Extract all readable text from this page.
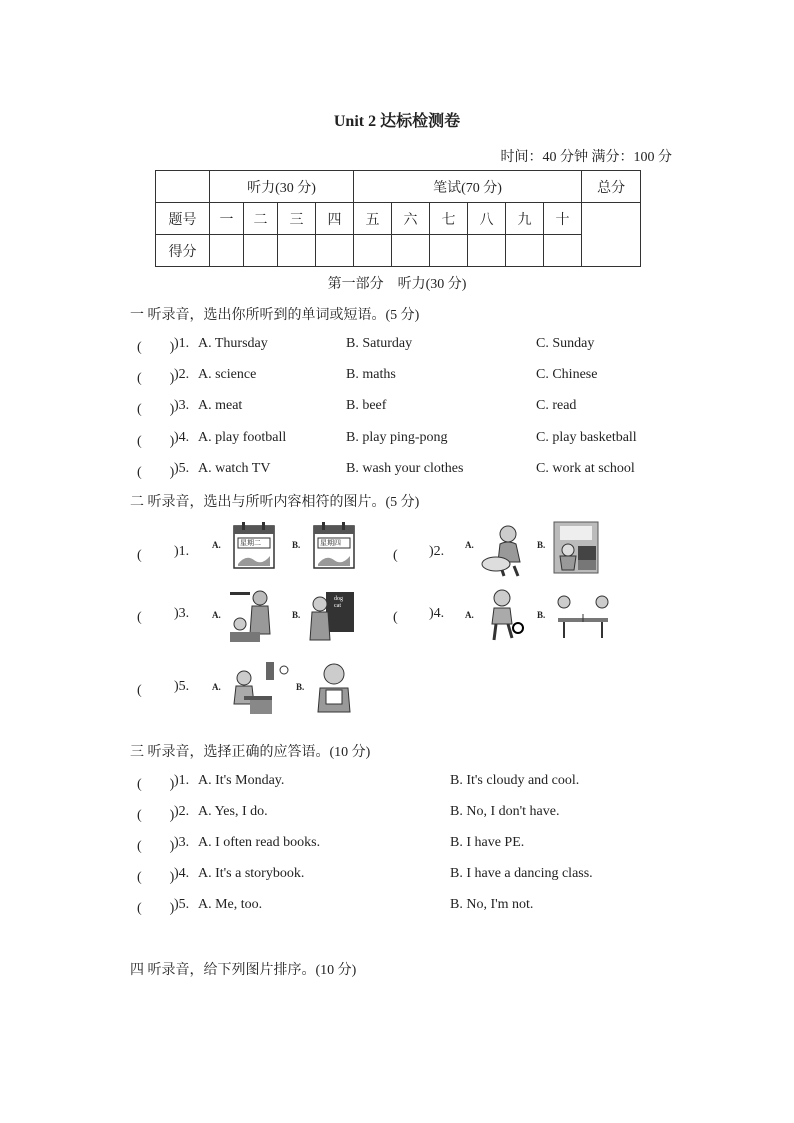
Unit 2 达标检测卷
时间：40 分钟 满分：100 分
	听力(30 分)				笔试(70 分)						总分
题号	一	二	三	四	五	六	七	八	九	十	
得分											
第一部分　听力(30 分)
一 听录音，选出你所听到的单词或短语。(5 分)
(　　) )1. A. Thursday	B. Saturday	C. Sunday
(　　) )2. A. science	B. maths	C. Chinese
(　　) )3. A. meat	B. beef	C. read
(　　) )4. A. play football	B. play ping-pong	C. play basketball
(　　) )5. A. watch TV	B. wash your clothes	C. work at school
二 听录音，选出与所听内容相符的图片。(5 分)
(　　 )1.	A.	星期二	B.	星期四
(　　 )2. A.	B.
(　　 )3.	A.	B.
dog
cat
(　　 )4. A.	B.
(　　 )5.	A.	B.
三 听录音，选择正确的应答语。(10 分)
(　　) )1. A. It's Monday.	B. It's cloudy and cool.
(　　) )2. A. Yes, I do.	B. No, I don't have.
(　　) )3. A. I often read books.	B. I have PE.
(　　) )4. A. It's a storybook.	B. I have a dancing class.
(　　) )5. A. Me, too.	B. No, I'm not.
四 听录音，给下列图片排序。(10 分)
